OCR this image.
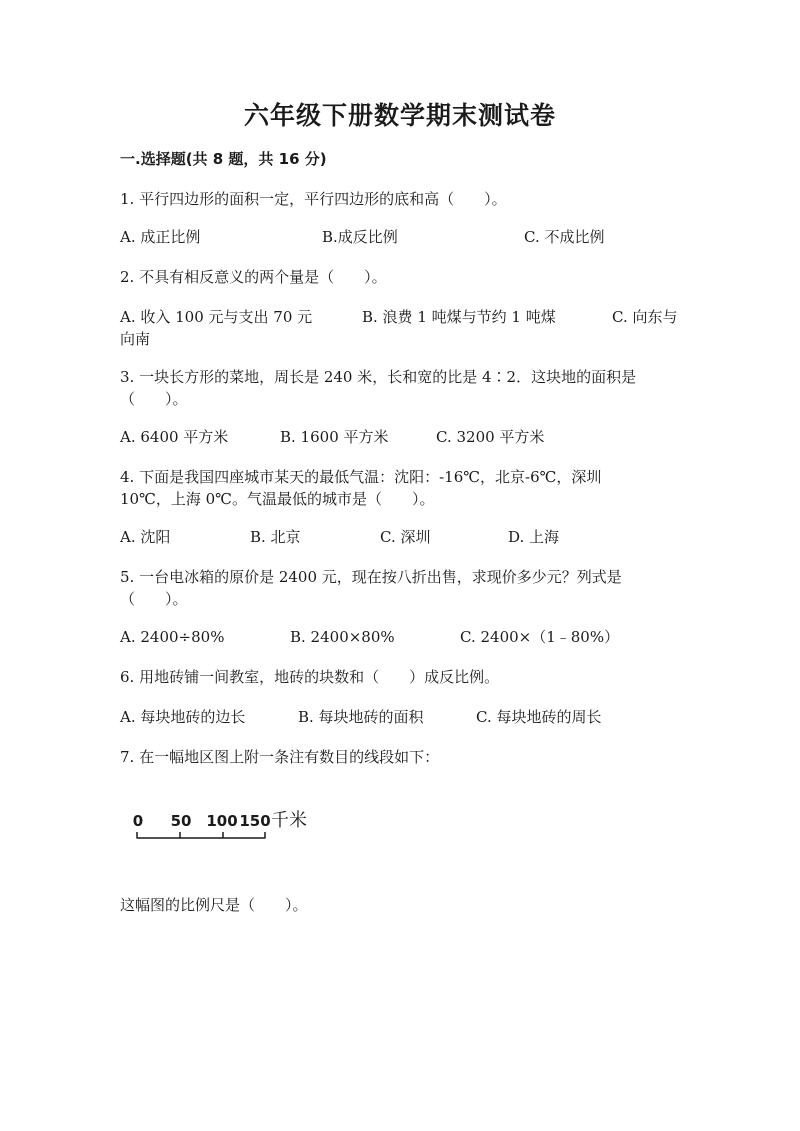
六年级下册数学期末测试卷
一.选择题(共 8 题，共 16 分)
1. 平行四边形的面积一定，平行四边形的底和高（　　）。
A. 成正比例	B.成反比例	C. 不成比例
2. 不具有相反意义的两个量是（　　）。
A. 收入 100 元与支出 70 元	B. 浪费 1 吨煤与节约 1 吨煤	C. 向东与
向南
3. 一块长方形的菜地，周长是 240 米，长和宽的比是 4∶2．这块地的面积是
（　　）。
A. 6400 平方米	B. 1600 平方米	C. 3200 平方米
4. 下面是我国四座城市某天的最低气温：沈阳：-16℃，北京-6℃，深圳
10℃，上海 0℃。气温最低的城市是（　　）。
A. 沈阳	B. 北京	C. 深圳	D. 上海
5. 一台电冰箱的原价是 2400 元，现在按八折出售，求现价多少元？列式是
（　　）。
A. 2400÷80%	B. 2400×80%	C. 2400×（1﹣80%）
6. 用地砖铺一间教室，地砖的块数和（　　）成反比例。
A. 每块地砖的边长	B. 每块地砖的面积	C. 每块地砖的周长
7. 在一幅地区图上附一条注有数目的线段如下：
0 50 100 150 千米
这幅图的比例尺是（　　）。
